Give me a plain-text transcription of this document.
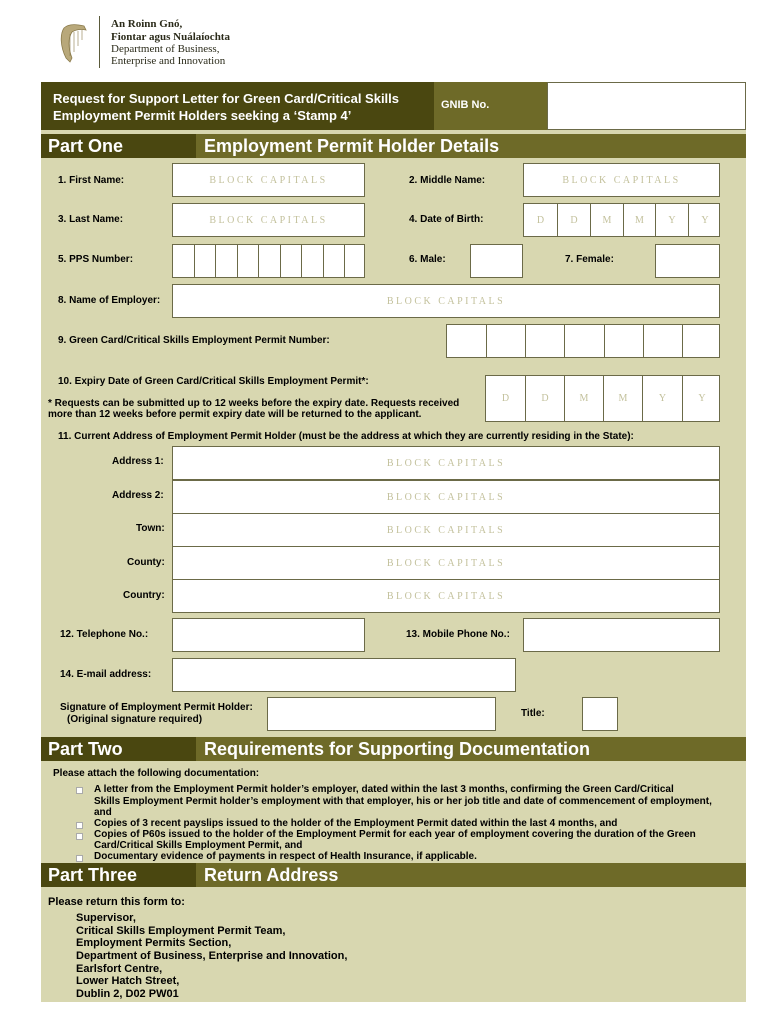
An Roinn Gnó,
Fiontar agus Nuálaíochta
Department of Business,
Enterprise and Innovation
Request for Support Letter for Green Card/Critical Skills
Employment Permit Holders seeking a ‘Stamp 4’
GNIB No.
Part One	Employment Permit Holder Details
1. First Name:	BLOCK CAPITALS	2. Middle Name:	BLOCK CAPITALS
3. Last Name:	BLOCK CAPITALS	4. Date of Birth:	D	D	M	M	Y	Y
5. PPS Number:	6. Male:	7. Female:
8. Name of Employer:	BLOCK CAPITALS
9. Green Card/Critical Skills Employment Permit Number:
10. Expiry Date of Green Card/Critical Skills Employment Permit*:
* Requests can be submitted up to 12 weeks before the expiry date. Requests received
more than 12 weeks before permit expiry date will be returned to the applicant.
D	D	M	M	Y	Y
11. Current Address of Employment Permit Holder (must be the address at which they are currently residing in the State):
Address 1:	BLOCK CAPITALS
Address 2:	BLOCK CAPITALS
Town:	BLOCK CAPITALS
County:	BLOCK CAPITALS
Country:	BLOCK CAPITALS
12. Telephone No.:	13. Mobile Phone No.:
14. E-mail address:
Signature of Employment Permit Holder:
(Original signature required)
Title:
Part Two	Requirements for Supporting Documentation
Please attach the following documentation:
A letter from the Employment Permit holder’s employer, dated within the last 3 months, confirming the Green Card/Critical
Skills Employment Permit holder’s employment with that employer, his or her job title and date of commencement of employment,
and
Copies of 3 recent payslips issued to the holder of the Employment Permit dated within the last 4 months, and
Copies of P60s issued to the holder of the Employment Permit for each year of employment covering the duration of the Green
Card/Critical Skills Employment Permit, and
Documentary evidence of payments in respect of Health Insurance, if applicable.
Part Three	Return Address
Please return this form to:
Supervisor,
Critical Skills Employment Permit Team,
Employment Permits Section,
Department of Business, Enterprise and Innovation,
Earlsfort Centre,
Lower Hatch Street,
Dublin 2, D02 PW01
